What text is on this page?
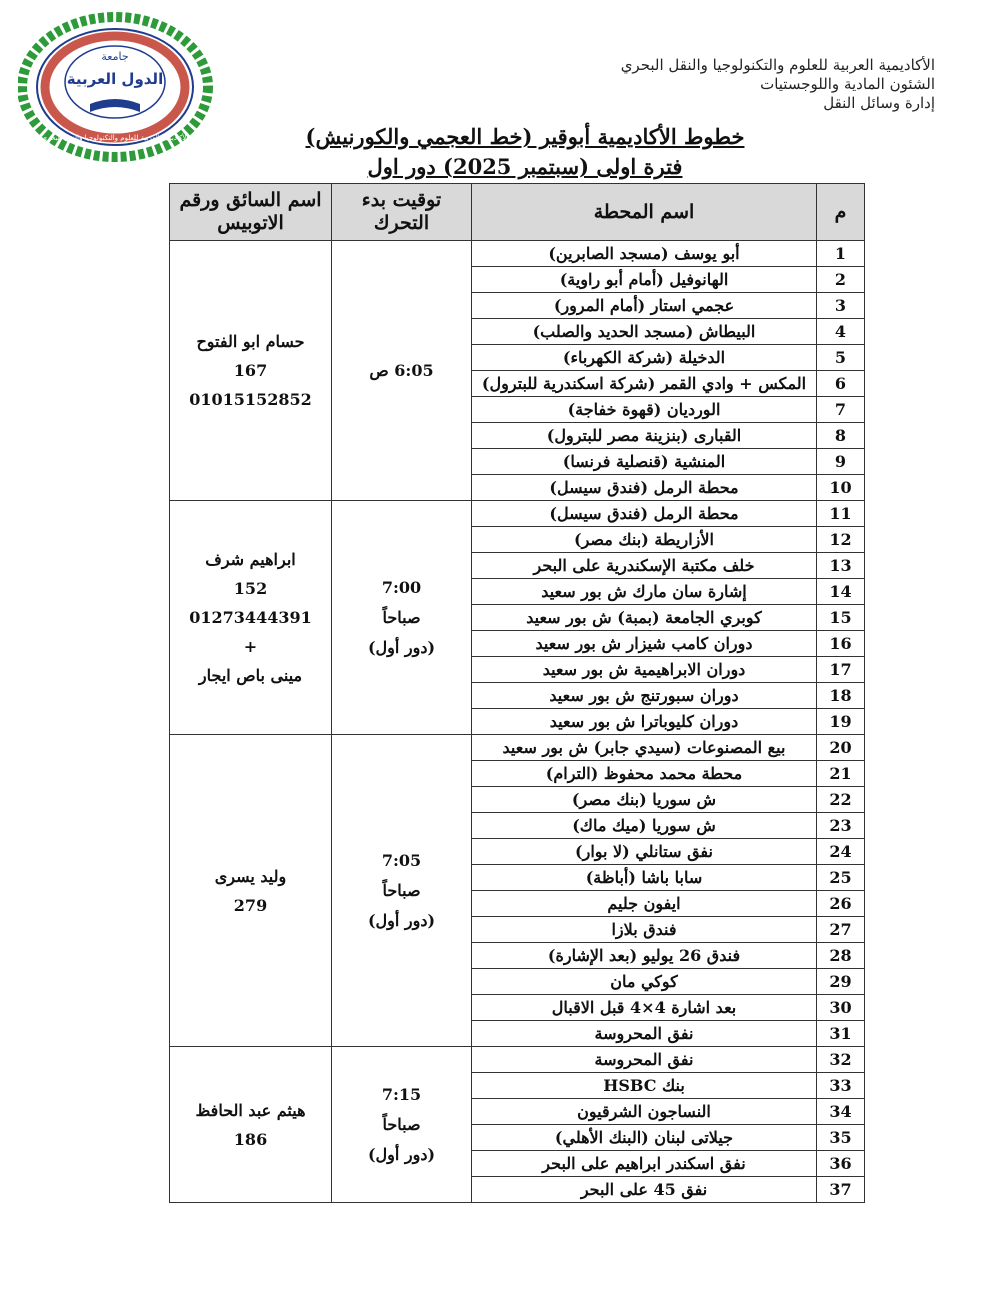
جامعة
الدول العربية
الأكاديمية العربية للعلوم والتكنولوجيا والنقل البحري
الأكاديمية العربية للعلوم والتكنولوجيا والنقل البحري
الشئون المادية واللوجستيات
إدارة وسائل النقل
خطوط الأكاديمية أبوقير (خط العجمي والكورنيش)
فترة اولى (سبتمبر 2025) دور اول
م	اسم المحطة	توقيت بدء التحرك	اسم السائق ورقم الاتوبيس
1	أبو يوسف (مسجد الصابرين)	6:05 ص	حسام ابو الفتوح
167
01015152852

2	الهانوفيل (أمام أبو راوية)		
3	عجمي استار (أمام المرور)		
4	البيطاش (مسجد الحديد والصلب)		
5	الدخيلة (شركة الكهرباء)		
6	المكس + وادي القمر (شركة اسكندرية للبترول)		
7	الورديان (قهوة خفاجة)		
8	القبارى (بنزينة مصر للبترول)		
9	المنشية (قنصلية فرنسا)		
10	محطة الرمل (فندق سيسل)		
11	محطة الرمل (فندق سيسل)	7:00
صباحاً
(دور أول)	ابراهيم شرف
152
01273444391
+
مينى باص ايجار

12	الأزاريطة (بنك مصر)		
13	خلف مكتبة الإسكندرية على البحر		
14	إشارة سان مارك ش بور سعيد		
15	كوبري الجامعة (بمبة) ش بور سعيد		
16	دوران كامب شيزار ش بور سعيد		
17	دوران الابراهيمية ش بور سعيد		
18	دوران سبورتنج ش بور سعيد		
19	دوران كليوباترا ش بور سعيد		
20	بيع المصنوعات (سيدي جابر) ش بور سعيد	7:05
صباحاً
(دور أول)	وليد يسرى
279

21	محطة محمد محفوظ (الترام)		
22	ش سوريا (بنك مصر)		
23	ش سوريا (ميك ماك)		
24	نفق ستانلي (لا بوار)		
25	سابا باشا (أباظة)		
26	ايفون جليم		
27	فندق بلازا		
28	فندق 26 يوليو (بعد الإشارة)		
29	كوكي مان		
30	بعد اشارة 4×4 قبل الاقبال		
31	نفق المحروسة		
32	نفق المحروسة	7:15
صباحاً
(دور أول)	هيثم عبد الحافظ
186

33	بنك HSBC		
34	النساجون الشرقيون		
35	جيلاتى لبنان (البنك الأهلي)		
36	نفق اسكندر ابراهيم على البحر		
37	نفق 45 على البحر		
